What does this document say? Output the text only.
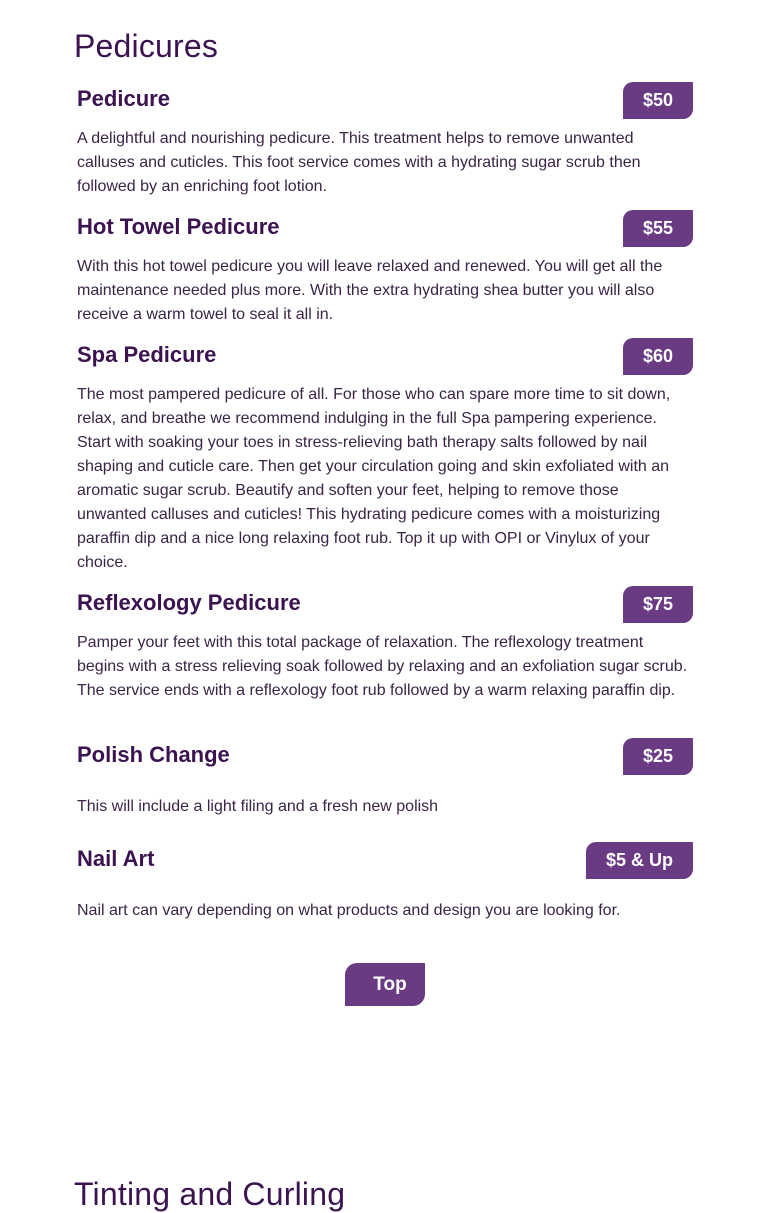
Pedicures
Pedicure	$50

A delightful and nourishing pedicure. This treatment helps to remove unwanted calluses and cuticles. This foot service comes with a hydrating sugar scrub then followed by an enriching foot lotion.

Hot Towel Pedicure	$55

With this hot towel pedicure you will leave relaxed and renewed. You will get all the maintenance needed plus more. With the extra hydrating shea butter you will also receive a warm towel to seal it all in.

Spa Pedicure	$60

The most pampered pedicure of all. For those who can spare more time to sit down, relax, and breathe we recommend indulging in the full Spa pampering experience. Start with soaking your toes in stress-relieving bath therapy salts followed by nail shaping and cuticle care. Then get your circulation going and skin exfoliated with an aromatic sugar scrub. Beautify and soften your feet, helping to remove those unwanted calluses and cuticles! This hydrating pedicure comes with a moisturizing paraffin dip and a nice long relaxing foot rub. Top it up with OPI or Vinylux of your choice.

Reflexology Pedicure	$75

Pamper your feet with this total package of relaxation. The reflexology treatment begins with a stress relieving soak followed by relaxing and an exfoliation sugar scrub. The service ends with a reflexology foot rub followed by a warm relaxing paraffin dip.

Polish Change	$25

This will include a light filing and a fresh new polish

Nail Art	$5 & Up

Nail art can vary depending on what products and design you are looking for.

Top
Tinting and Curling
